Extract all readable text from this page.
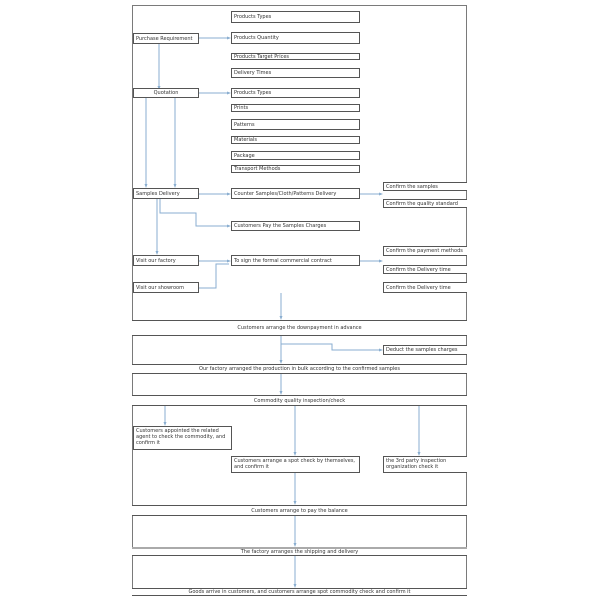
Purchase Requirement
Quotation
Samples Delivery
Visit our factory
Visit our showroom
Products Types
Products Quantity
Products Target Prices
Delivery Times
Products Types
Prints
Patterns
Materials
Package
Transport Methods
Counter Samples/Cloth/Patterns Delivery
Customers Pay the Samples Charges
Confirm the samples
Confirm the quality standard
To sign the formal commercial contract
Confirm the payment methods
Confirm the Delivery time
Confirm the Delivery time
Customers arrange the downpayment in advance
Deduct the samples charges
Our factory arranged the production in bulk according to the confirmed samples
Commodity quality inspection/check
Customers appointed the related agent to check the commodity, and confirm it
Customers arrange a spot check by themselves, and confirm it
the 3rd party inspection organization check it
Customers arrange to pay the balance
The factory arranges the shipping and delivery
Goods arrive in customers, and customers arrange spot commodity check and confirm it
